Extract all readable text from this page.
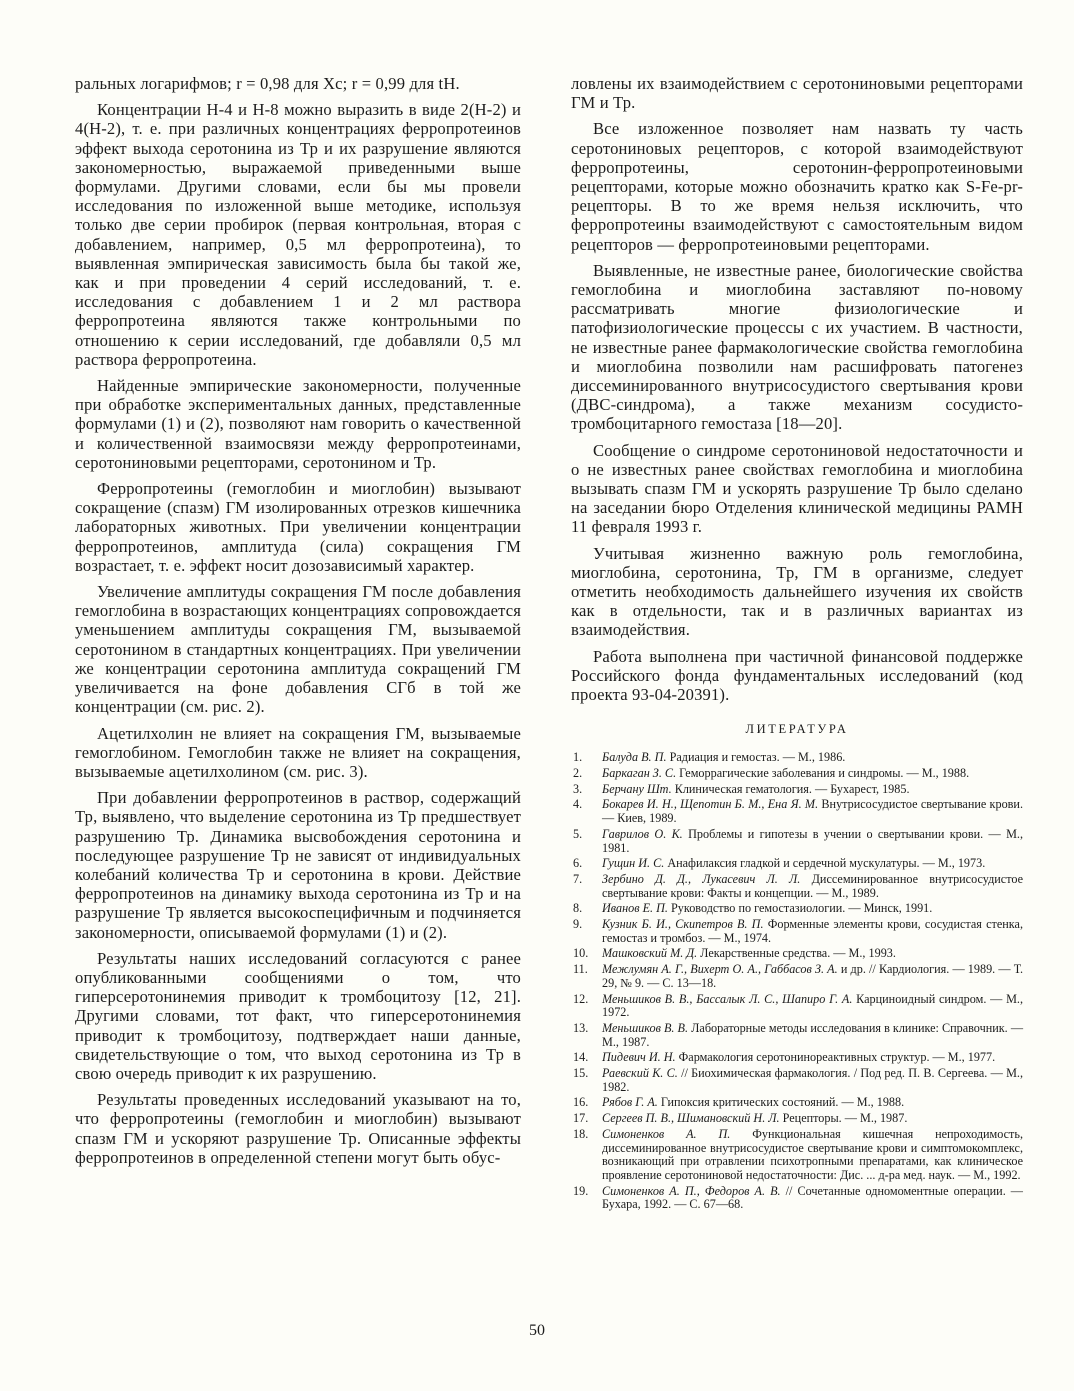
ральных логарифмов; r = 0,98 для Хс; r = 0,99 для tН.

Концентрации Н-4 и Н-8 можно выразить в виде 2(Н-2) и 4(Н-2), т. е. при различных концентрациях ферропротеинов эффект выхода серотонина из Тр и их разрушение являются закономерностью, выражаемой приведенными выше формулами. Другими словами, если бы мы провели исследования по изложенной выше методике, используя только две серии пробирок (первая контрольная, вторая с добавлением, например, 0,5 мл ферропротеина), то выявленная эмпирическая зависимость была бы такой же, как и при проведении 4 серий исследований, т. е. исследования с добавлением 1 и 2 мл раствора ферропротеина являются также контрольными по отношению к серии исследований, где добавляли 0,5 мл раствора ферропротеина.

Найденные эмпирические закономерности, полученные при обработке экспериментальных данных, представленные формулами (1) и (2), позволяют нам говорить о качественной и количественной взаимосвязи между ферропротеинами, серотониновыми рецепторами, серотонином и Тр.

Ферропротеины (гемоглобин и миоглобин) вызывают сокращение (спазм) ГМ изолированных отрезков кишечника лабораторных животных. При увеличении концентрации ферропротеинов, амплитуда (сила) сокращения ГМ возрастает, т. е. эффект носит дозозависимый характер.

Увеличение амплитуды сокращения ГМ после добавления гемоглобина в возрастающих концентрациях сопровождается уменьшением амплитуды сокращения ГМ, вызываемой серотонином в стандартных концентрациях. При увеличении же концентрации серотонина амплитуда сокращений ГМ увеличивается на фоне добавления СГб в той же концентрации (см. рис. 2).

Ацетилхолин не влияет на сокращения ГМ, вызываемые гемоглобином. Гемоглобин также не влияет на сокращения, вызываемые ацетилхолином (см. рис. 3).

При добавлении ферропротеинов в раствор, содержащий Тр, выявлено, что выделение серотонина из Тр предшествует разрушению Тр. Динамика высвобождения серотонина и последующее разрушение Тр не зависят от индивидуальных колебаний количества Тр и серотонина в крови. Действие ферропротеинов на динамику выхода серотонина из Тр и на разрушение Тр является высокоспецифичным и подчиняется закономерности, описываемой формулами (1) и (2).

Результаты наших исследований согласуются с ранее опубликованными сообщениями о том, что гиперсеротонинемия приводит к тромбоцитозу [12, 21]. Другими словами, тот факт, что гиперсеротонинемия приводит к тромбоцитозу, подтверждает наши данные, свидетельствующие о том, что выход серотонина из Тр в свою очередь приводит к их разрушению.

Результаты проведенных исследований указывают на то, что ферропротеины (гемоглобин и миоглобин) вызывают спазм ГМ и ускоряют разрушение Тр. Описанные эффекты ферропротеинов в определенной степени могут быть обус-

ловлены их взаимодействием с серотониновыми рецепторами ГМ и Тр.

Все изложенное позволяет нам назвать ту часть серотониновых рецепторов, с которой взаимодействуют ферропротеины, серотонин-ферропротеиновыми рецепторами, которые можно обозначить кратко как S-Fe-pr-рецепторы. В то же время нельзя исключить, что ферропротеины взаимодействуют с самостоятельным видом рецепторов — ферропротеиновыми рецепторами.

Выявленные, не известные ранее, биологические свойства гемоглобина и миоглобина заставляют по-новому рассматривать многие физиологические и патофизиологические процессы с их участием. В частности, не известные ранее фармакологические свойства гемоглобина и миоглобина позволили нам расшифровать патогенез диссеминированного внутрисосудистого свертывания крови (ДВС-синдрома), а также механизм сосудисто-тромбоцитарного гемостаза [18—20].

Сообщение о синдроме серотониновой недостаточности и о не известных ранее свойствах гемоглобина и миоглобина вызывать спазм ГМ и ускорять разрушение Тр было сделано на заседании бюро Отделения клинической медицины РАМН 11 февраля 1993 г.

Учитывая жизненно важную роль гемоглобина, миоглобина, серотонина, Тр, ГМ в организме, следует отметить необходимость дальнейшего изучения их свойств как в отдельности, так и в различных вариантах из взаимодействия.

Работа выполнена при частичной финансовой поддержке Российского фонда фундаментальных исследований (код проекта 93-04-20391).

ЛИТЕРАТУРА
1. Балуда В. П. Радиация и гемостаз. — М., 1986.
2. Баркаган З. С. Геморрагические заболевания и синдромы. — М., 1988.
3. Берчану Шт. Клиническая гематология. — Бухарест, 1985.
4. Бокарев И. Н., Щепотин Б. М., Ена Я. М. Внутрисосудистое свертывание крови. — Киев, 1989.
5. Гаврилов О. К. Проблемы и гипотезы в учении о свертывании крови. — М., 1981.
6. Гущин И. С. Анафилаксия гладкой и сердечной мускулатуры. — М., 1973.
7. Зербино Д. Д., Лукасевич Л. Л. Диссеминированное внутрисосудистое свертывание крови: Факты и концепции. — М., 1989.
8. Иванов Е. П. Руководство по гемостазиологии. — Минск, 1991.
9. Кузник Б. И., Скипетров В. П. Форменные элементы крови, сосудистая стенка, гемостаз и тромбоз. — М., 1974.
10. Машковский М. Д. Лекарственные средства. — М., 1993.
11. Межлумян А. Г., Вихерт О. А., Габбасов З. А. и др. // Кардиология. — 1989. — Т. 29, № 9. — С. 13—18.
12. Меньшиков В. В., Бассалык Л. С., Шапиро Г. А. Карциноидный синдром. — М., 1972.
13. Меньшиков В. В. Лабораторные методы исследования в клинике: Справочник. — М., 1987.
14. Пидевич И. Н. Фармакология серотонинореактивных структур. — М., 1977.
15. Раевский К. С. // Биохимическая фармакология. / Под ред. П. В. Сергеева. — М., 1982.
16. Рябов Г. А. Гипоксия критических состояний. — М., 1988.
17. Сергеев П. В., Шимановский Н. Л. Рецепторы. — М., 1987.
18. Симоненков А. П. Функциональная кишечная непроходимость, диссеминированное внутрисосудистое свертывание крови и симптомокомплекс, возникающий при отравлении психотропными препаратами, как клиническое проявление серотониновой недостаточности: Дис. ... д-ра мед. наук. — М., 1992.
19. Симоненков А. П., Федоров А. В. // Сочетанные одномоментные операции. — Бухара, 1992. — С. 67—68.
50
